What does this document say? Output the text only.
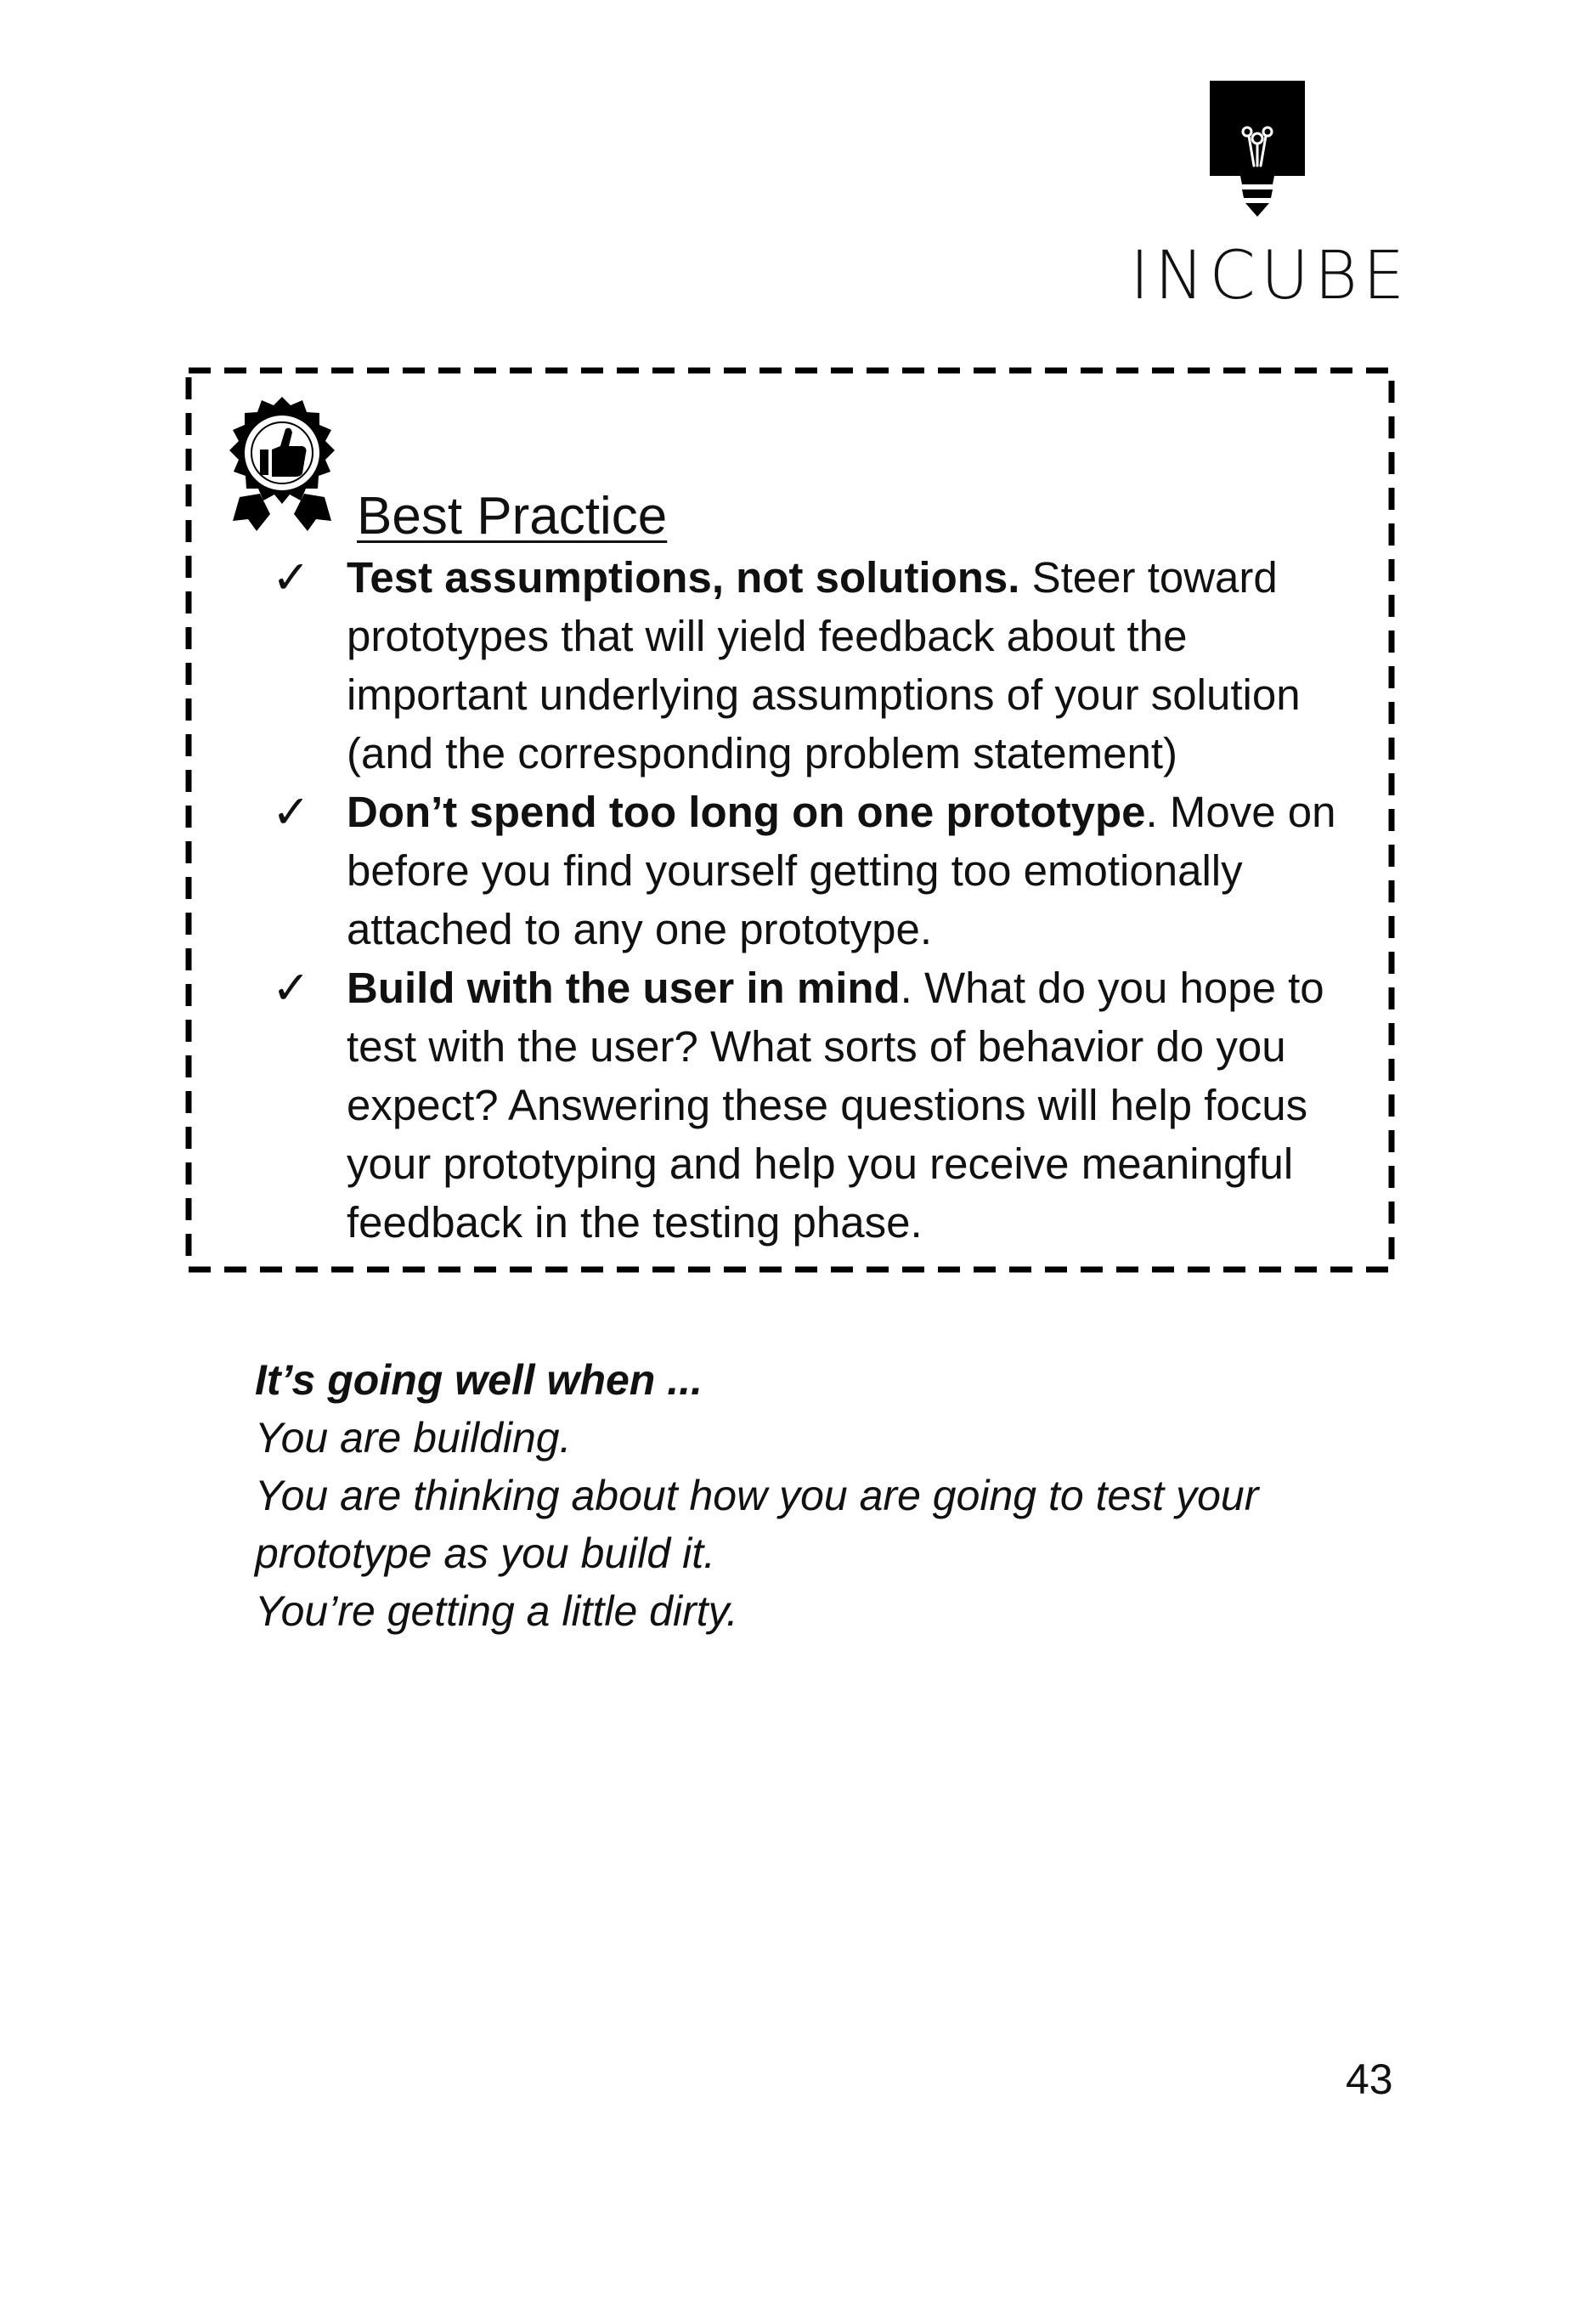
INCUBE
Best Practice
✓ Test assumptions, not solutions. Steer toward prototypes that will yield feedback about the important underlying assumptions of your solution (and the corresponding problem statement)
✓ Don’t spend too long on one prototype. Move on before you find yourself getting too emotionally attached to any one prototype.
✓ Build with the user in mind. What do you hope to test with the user? What sorts of behavior do you expect? Answering these questions will help focus your prototyping and help you receive meaningful feedback in the testing phase.
It’s going well when ...
You are building.
You are thinking about how you are going to test your
prototype as you build it.
You’re getting a little dirty.
43
